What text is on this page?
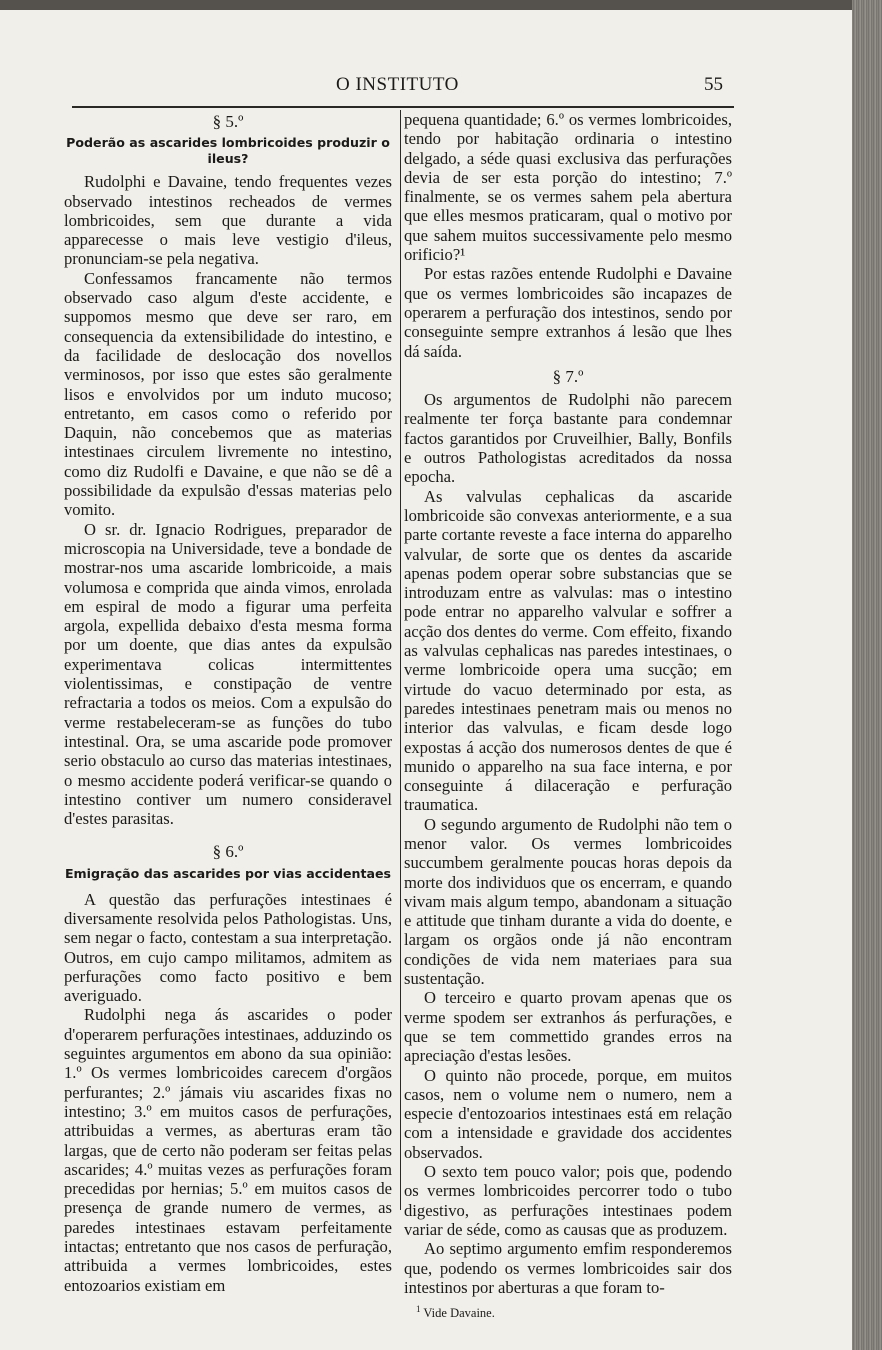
O INSTITUTO	55
§ 5.º
Poderão as ascarides lombricoides produzir o ileus?

Rudolphi e Davaine, tendo frequentes vezes observado intestinos recheados de vermes lombricoides, sem que durante a vida apparecesse o mais leve vestigio d'ileus, pronunciam-se pela negativa.

Confessamos francamente não termos observado caso algum d'este accidente, e suppomos mesmo que deve ser raro, em consequencia da extensibilidade do intestino, e da facilidade de deslocação dos novellos verminosos, por isso que estes são geralmente lisos e envolvidos por um induto mucoso; entretanto, em casos como o referido por Daquin, não concebemos que as materias intestinaes circulem livremente no intestino, como diz Rudolfi e Davaine, e que não se dê a possibilidade da expulsão d'essas materias pelo vomito.

O sr. dr. Ignacio Rodrigues, preparador de microscopia na Universidade, teve a bondade de mostrar-nos uma ascaride lombricoide, a mais volumosa e comprida que ainda vimos, enrolada em espiral de modo a figurar uma perfeita argola, expellida debaixo d'esta mesma forma por um doente, que dias antes da expulsão experimentava colicas intermittentes violentissimas, e constipação de ventre refractaria a todos os meios. Com a expulsão do verme restabeleceram-se as funções do tubo intestinal. Ora, se uma ascaride pode promover serio obstaculo ao curso das materias intestinaes, o mesmo accidente poderá verificar-se quando o intestino contiver um numero consideravel d'estes parasitas.

§ 6.º
Emigração das ascarides por vias accidentaes

A questão das perfurações intestinaes é diversamente resolvida pelos Pathologistas. Uns, sem negar o facto, contestam a sua interpretação. Outros, em cujo campo militamos, admitem as perfurações como facto positivo e bem averiguado.

Rudolphi nega ás ascarides o poder d'operarem perfurações intestinaes, adduzindo os seguintes argumentos em abono da sua opinião: 1.º Os vermes lombricoides carecem d'orgãos perfurantes; 2.º jámais viu ascarides fixas no intestino; 3.º em muitos casos de perfurações, attribuidas a vermes, as aberturas eram tão largas, que de certo não poderam ser feitas pelas ascarides; 4.º muitas vezes as perfurações foram precedidas por hernias; 5.º em muitos casos de presença de grande numero de vermes, as paredes intestinaes estavam perfeitamente intactas; entretanto que nos casos de perfuração, attribuida a vermes lombricoides, estes entozoarios existiam em

pequena quantidade; 6.º os vermes lombricoides, tendo por habitação ordinaria o intestino delgado, a séde quasi exclusiva das perfurações devia de ser esta porção do intestino; 7.º finalmente, se os vermes sahem pela abertura que elles mesmos praticaram, qual o motivo por que sahem muitos successivamente pelo mesmo orificio?¹

Por estas razões entende Rudolphi e Davaine que os vermes lombricoides são incapazes de operarem a perfuração dos intestinos, sendo por conseguinte sempre extranhos á lesão que lhes dá saída.

§ 7.º

Os argumentos de Rudolphi não parecem realmente ter força bastante para condemnar factos garantidos por Cruveilhier, Bally, Bonfils e outros Pathologistas acreditados da nossa epocha.

As valvulas cephalicas da ascaride lombricoide são convexas anteriormente, e a sua parte cortante reveste a face interna do apparelho valvular, de sorte que os dentes da ascaride apenas podem operar sobre substancias que se introduzam entre as valvulas: mas o intestino pode entrar no apparelho valvular e soffrer a acção dos dentes do verme. Com effeito, fixando as valvulas cephalicas nas paredes intestinaes, o verme lombricoide opera uma sucção; em virtude do vacuo determinado por esta, as paredes intestinaes penetram mais ou menos no interior das valvulas, e ficam desde logo expostas á acção dos numerosos dentes de que é munido o apparelho na sua face interna, e por conseguinte á dilaceração e perfuração traumatica.

O segundo argumento de Rudolphi não tem o menor valor. Os vermes lombricoides succumbem geralmente poucas horas depois da morte dos individuos que os encerram, e quando vivam mais algum tempo, abandonam a situação e attitude que tinham durante a vida do doente, e largam os orgãos onde já não encontram condições de vida nem materiaes para sua sustentação.

O terceiro e quarto provam apenas que os verme spodem ser extranhos ás perfurações, e que se tem commettido grandes erros na apreciação d'estas lesões.

O quinto não procede, porque, em muitos casos, nem o volume nem o numero, nem a especie d'entozoarios intestinaes está em relação com a intensidade e gravidade dos accidentes observados.

O sexto tem pouco valor; pois que, podendo os vermes lombricoides percorrer todo o tubo digestivo, as perfurações intestinaes podem variar de séde, como as causas que as produzem.

Ao septimo argumento emfim responderemos que, podendo os vermes lombricoides sair dos intestinos por aberturas a que foram to-

$^1$ Vide Davaine.
